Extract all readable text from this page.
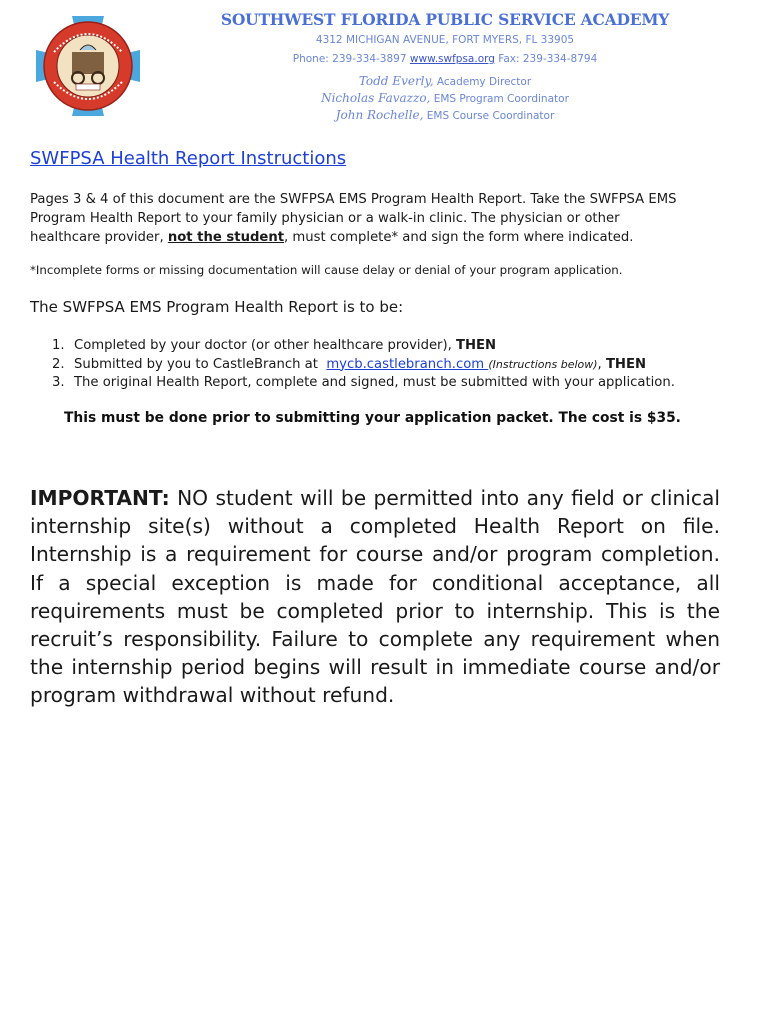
SOUTHWEST FLORIDA PUBLIC SERVICE ACADEMY
4312 MICHIGAN AVENUE, FORT MYERS, FL 33905
Phone: 239-334-3897 www.swfpsa.org Fax: 239-334-8794
Todd Everly, Academy Director
Nicholas Favazzo, EMS Program Coordinator
John Rochelle, EMS Course Coordinator
SWFPSA Health Report Instructions
Pages 3 & 4 of this document are the SWFPSA EMS Program Health Report. Take the SWFPSA EMS Program Health Report to your family physician or a walk-in clinic. The physician or other healthcare provider, not the student, must complete* and sign the form where indicated.
*Incomplete forms or missing documentation will cause delay or denial of your program application.
The SWFPSA EMS Program Health Report is to be:
1. Completed by your doctor (or other healthcare provider), THEN
2. Submitted by you to CastleBranch at  mycb.castlebranch.com (Instructions below), THEN
3. The original Health Report, complete and signed, must be submitted with your application.
This must be done prior to submitting your application packet. The cost is $35.
IMPORTANT: NO student will be permitted into any field or clinical internship site(s) without a completed Health Report on file. Internship is a requirement for course and/or program completion. If a special exception is made for conditional acceptance, all requirements must be completed prior to internship. This is the recruit’s responsibility. Failure to complete any requirement when the internship period begins will result in immediate course and/or program withdrawal without refund.
